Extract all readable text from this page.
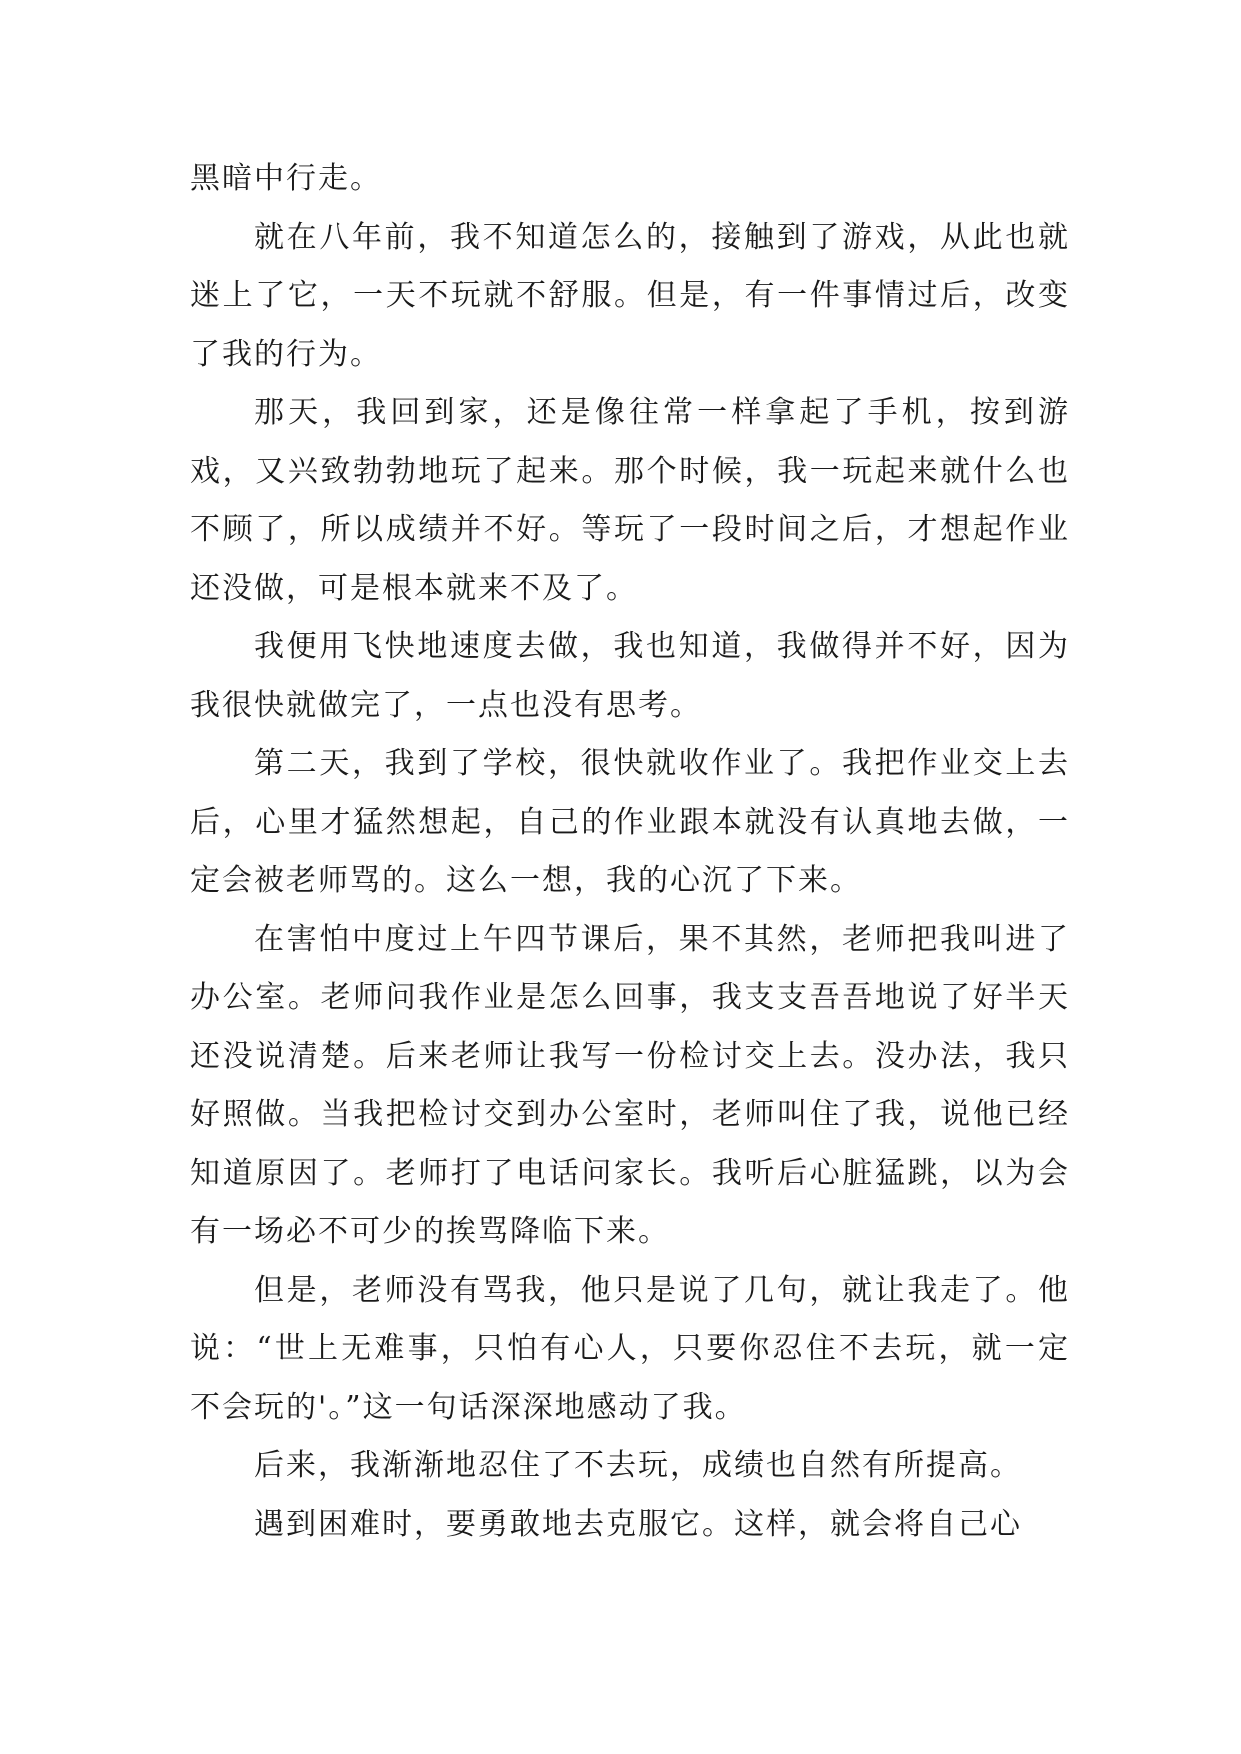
黑暗中行走。

就在八年前，我不知道怎么的，接触到了游戏，从此也就迷上了它，一天不玩就不舒服。但是，有一件事情过后，改变了我的行为。

那天，我回到家，还是像往常一样拿起了手机，按到游戏，又兴致勃勃地玩了起来。那个时候，我一玩起来就什么也不顾了，所以成绩并不好。等玩了一段时间之后，才想起作业还没做，可是根本就来不及了。

我便用飞快地速度去做，我也知道，我做得并不好，因为我很快就做完了，一点也没有思考。

第二天，我到了学校，很快就收作业了。我把作业交上去后，心里才猛然想起，自己的作业跟本就没有认真地去做，一定会被老师骂的。这么一想，我的心沉了下来。

在害怕中度过上午四节课后，果不其然，老师把我叫进了办公室。老师问我作业是怎么回事，我支支吾吾地说了好半天还没说清楚。后来老师让我写一份检讨交上去。没办法，我只好照做。当我把检讨交到办公室时，老师叫住了我，说他已经知道原因了。老师打了电话问家长。我听后心脏猛跳，以为会有一场必不可少的挨骂降临下来。

但是，老师没有骂我，他只是说了几句，就让我走了。他说：“世上无难事，只怕有心人，只要你忍住不去玩，就一定不会玩的'。”这一句话深深地感动了我。

后来，我渐渐地忍住了不去玩，成绩也自然有所提高。

遇到困难时，要勇敢地去克服它。这样，就会将自己心
